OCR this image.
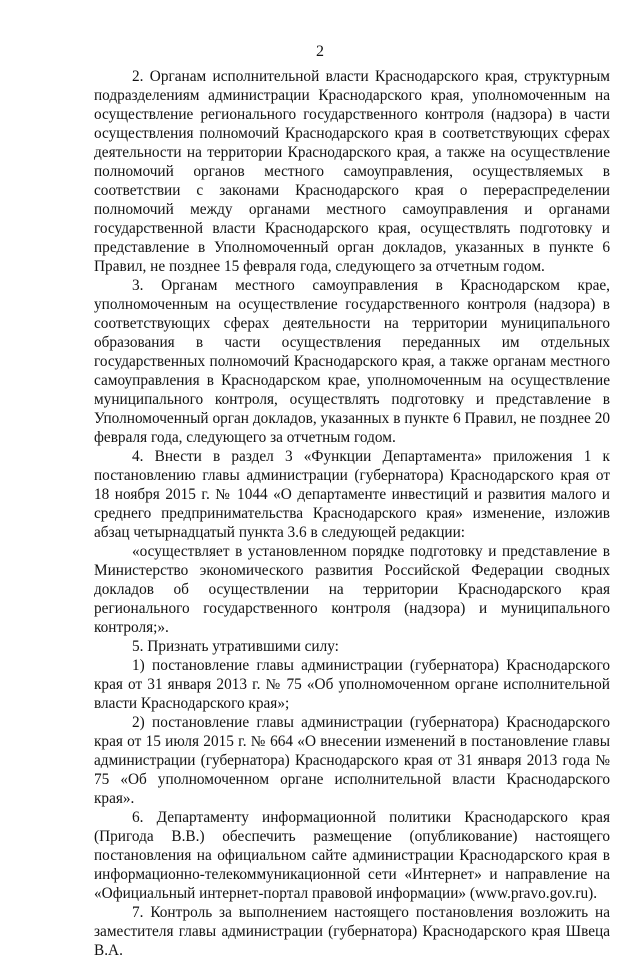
2

2. Органам исполнительной власти Краснодарского края, структурным подразделениям администрации Краснодарского края, уполномоченным на осуществление регионального государственного контроля (надзора) в части осуществления полномочий Краснодарского края в соответствующих сферах деятельности на территории Краснодарского края, а также на осуществление полномочий органов местного самоуправления, осуществляемых в соответствии с законами Краснодарского края о перераспределении полномочий между органами местного самоуправления и органами государственной власти Краснодарского края, осуществлять подготовку и представление в Уполномоченный орган докладов, указанных в пункте 6 Правил, не позднее 15 февраля года, следующего за отчетным годом.

3. Органам местного самоуправления в Краснодарском крае, уполномоченным на осуществление государственного контроля (надзора) в соответствующих сферах деятельности на территории муниципального образования в части осуществления переданных им отдельных государственных полномочий Краснодарского края, а также органам местного самоуправления в Краснодарском крае, уполномоченным на осуществление муниципального контроля, осуществлять подготовку и представление в Уполномоченный орган докладов, указанных в пункте 6 Правил, не позднее 20 февраля года, следующего за отчетным годом.

4. Внести в раздел 3 «Функции Департамента» приложения 1 к постановлению главы администрации (губернатора) Краснодарского края от 18 ноября 2015 г. № 1044 «О департаменте инвестиций и развития малого и среднего предпринимательства Краснодарского края» изменение, изложив абзац четырнадцатый пункта 3.6 в следующей редакции:

«осуществляет в установленном порядке подготовку и представление в Министерство экономического развития Российской Федерации сводных докладов об осуществлении на территории Краснодарского края регионального государственного контроля (надзора) и муниципального контроля;».

5. Признать утратившими силу:

1) постановление главы администрации (губернатора) Краснодарского края от 31 января 2013 г. № 75 «Об уполномоченном органе исполнительной власти Краснодарского края»;

2) постановление главы администрации (губернатора) Краснодарского края от 15 июля 2015 г. № 664 «О внесении изменений в постановление главы администрации (губернатора) Краснодарского края от 31 января 2013 года № 75 «Об уполномоченном органе исполнительной власти Краснодарского края».

6. Департаменту информационной политики Краснодарского края (Пригода В.В.) обеспечить размещение (опубликование) настоящего постановления на официальном сайте администрации Краснодарского края в информационно-телекоммуникационной сети «Интернет» и направление на «Официальный интернет-портал правовой информации» (www.pravo.gov.ru).

7. Контроль за выполнением настоящего постановления возложить на заместителя главы администрации (губернатора) Краснодарского края Швеца В.А.
